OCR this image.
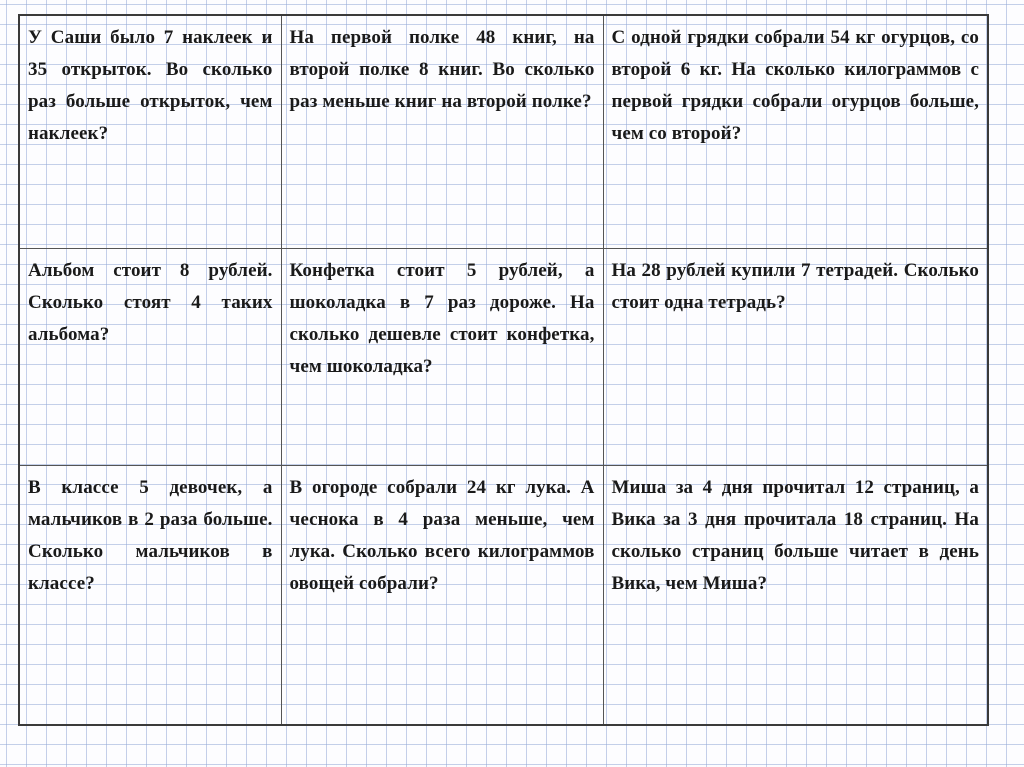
У Саши было 7 наклеек и 35 открыток. Во сколько раз больше открыток, чем наклеек?	На первой полке 48 книг, на второй полке 8 книг. Во сколько раз меньше книг на второй полке?	С одной грядки собрали 54 кг огурцов, со второй 6 кг. На сколько килограммов с первой грядки собрали огурцов больше, чем со второй?
Альбом стоит 8 рублей. Сколько стоят 4 таких альбома?	Конфетка стоит 5 рублей, а шоколадка в 7 раз дороже. На сколько дешевле стоит конфетка, чем шоколадка?	На 28 рублей купили 7 тетрадей. Сколько стоит одна тетрадь?
В классе 5 девочек, а мальчиков в 2 раза больше. Сколько мальчиков в классе?	В огороде собрали 24 кг лука. А чеснока в 4 раза меньше, чем лука. Сколько всего килограммов овощей собрали?	Миша за 4 дня прочитал 12 страниц, а Вика за 3 дня прочитала 18 страниц. На сколько страниц больше читает в день Вика, чем Миша?
